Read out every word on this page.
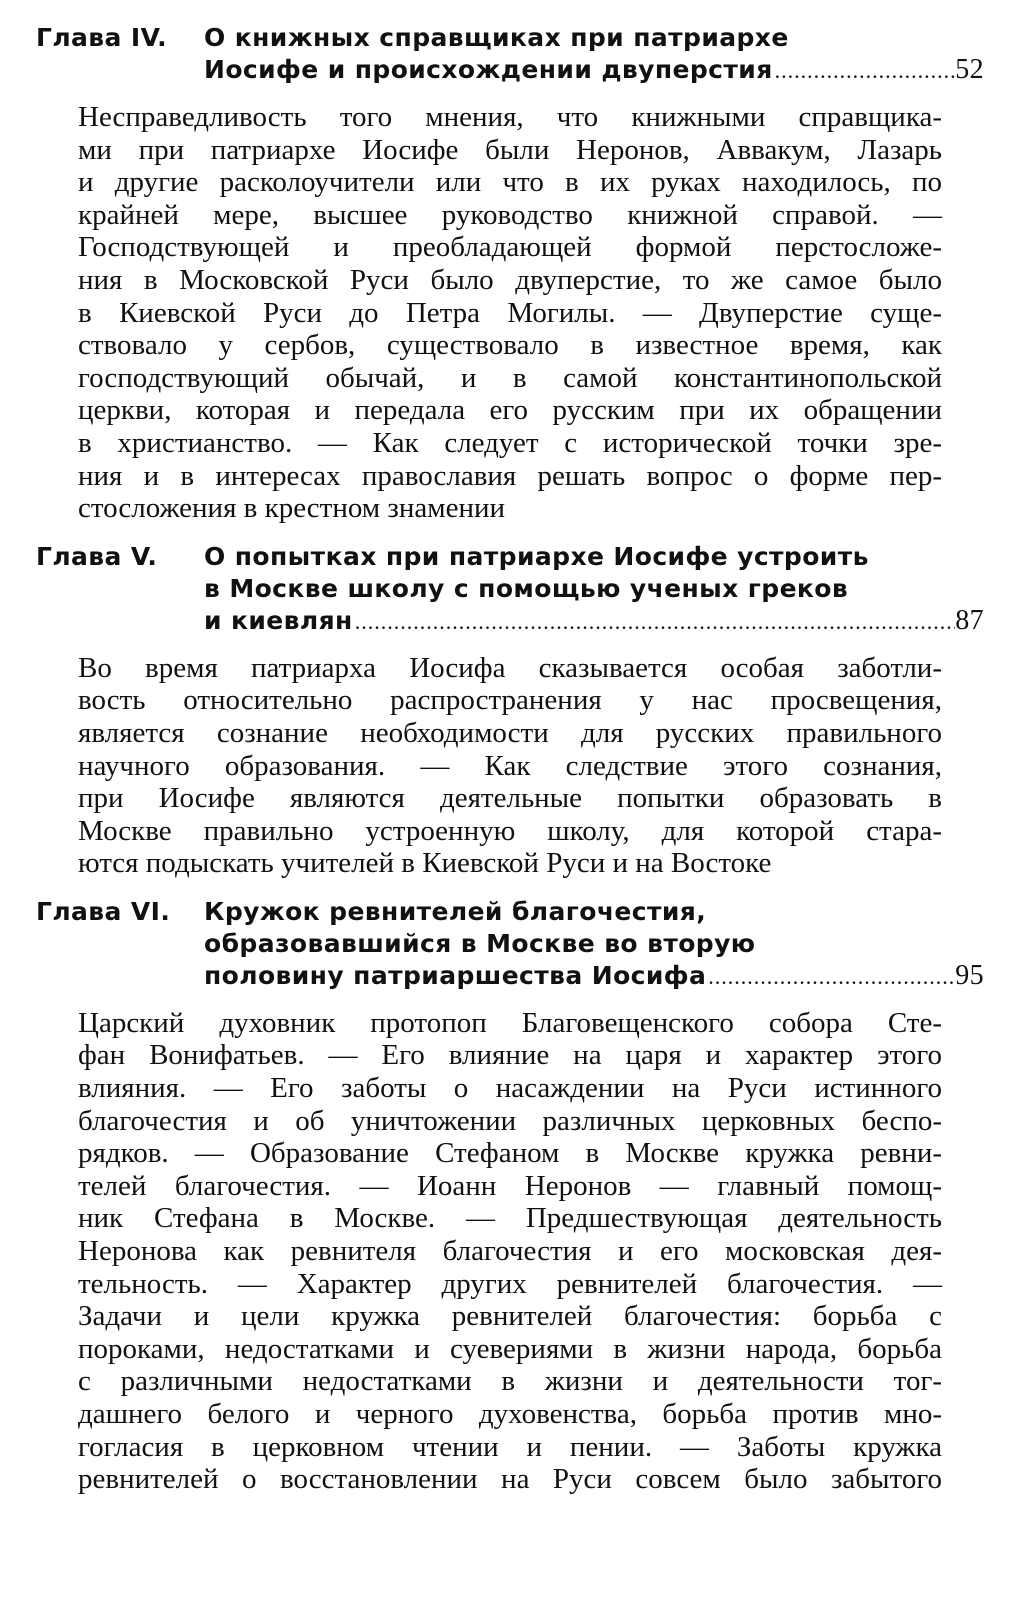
Глава IV.	О книжных справщиках при патриархе
Иосифе и происхождении двуперстия .....	52
Несправедливость того мнения, что книжными справщика-
ми при патриархе Иосифе были Неронов, Аввакум, Лазарь
и другие расколоучители или что в их руках находилось, по
крайней мере, высшее руководство книжной справой. —
Господствующей и преобладающей формой перстосложе-
ния в Московской Руси было двуперстие, то же самое было
в Киевской Руси до Петра Могилы. — Двуперстие суще-
ствовало у сербов, существовало в известное время, как
господствующий обычай, и в самой константинопольской
церкви, которая и передала его русским при их обращении
в христианство. — Как следует с исторической точки зре-
ния и в интересах православия решать вопрос о форме пер-
стосложения в крестном знамении
Глава V.	О попытках при патриархе Иосифе устроить
в Москве школу с помощью ученых греков
и киевлян .....	87
Во время патриарха Иосифа сказывается особая заботли-
вость относительно распространения у нас просвещения,
является сознание необходимости для русских правильного
научного образования. — Как следствие этого сознания,
при Иосифе являются деятельные попытки образовать в
Москве правильно устроенную школу, для которой стара-
ются подыскать учителей в Киевской Руси и на Востоке
Глава VI.	Кружок ревнителей благочестия,
образовавшийся в Москве во вторую
половину патриаршества Иосифа .....	95
Царский духовник протопоп Благовещенского собора Сте-
фан Вонифатьев. — Его влияние на царя и характер этого
влияния. — Его заботы о насаждении на Руси истинного
благочестия и об уничтожении различных церковных беспо-
рядков. — Образование Стефаном в Москве кружка ревни-
телей благочестия. — Иоанн Неронов — главный помощ-
ник Стефана в Москве. — Предшествующая деятельность
Неронова как ревнителя благочестия и его московская дея-
тельность. — Характер других ревнителей благочестия. —
Задачи и цели кружка ревнителей благочестия: борьба с
пороками, недостатками и суевериями в жизни народа, борьба
с различными недостатками в жизни и деятельности тог-
дашнего белого и черного духовенства, борьба против мно-
гогласия в церковном чтении и пении. — Заботы кружка
ревнителей о восстановлении на Руси совсем было забытого
